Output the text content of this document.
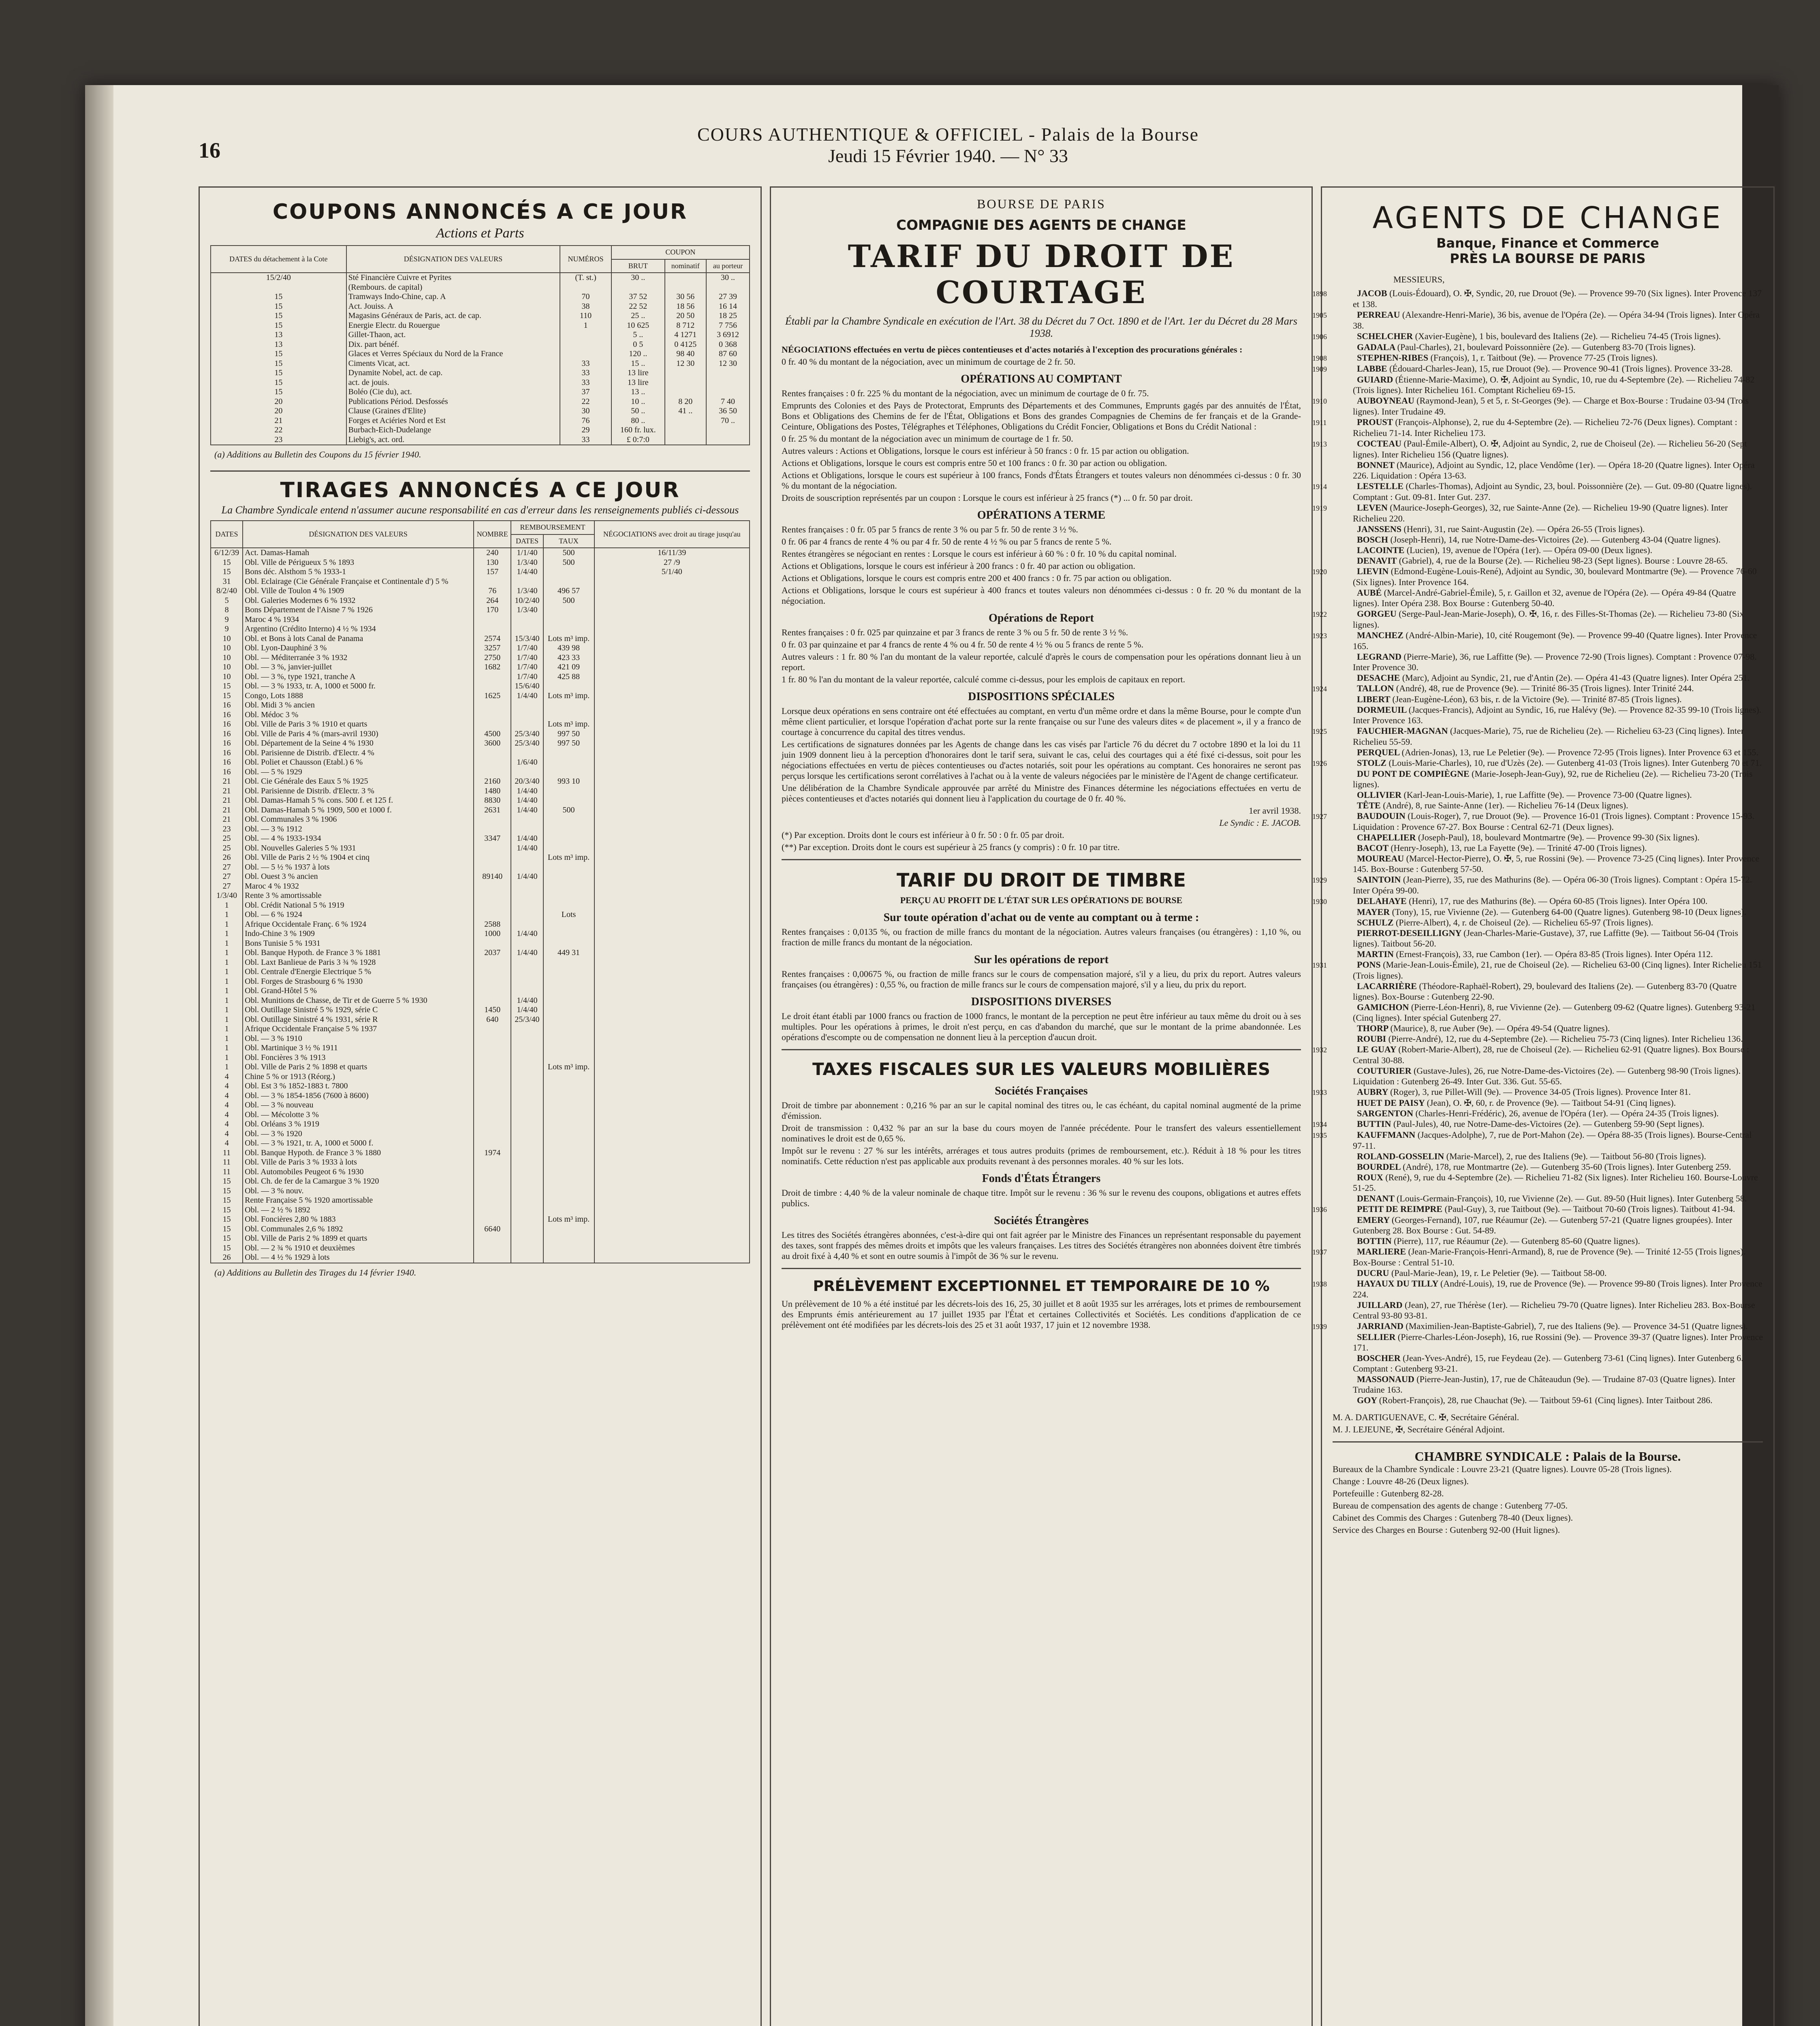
16
COURS AUTHENTIQUE & OFFICIEL - Palais de la Bourse
Jeudi 15 Février 1940. — N° 33
COUPONS ANNONCÉS A CE JOUR
Actions et Parts
DATES du détachement à la Cote	DÉSIGNATION DES VALEURS	NUMÉROS	COUPON		
			BRUT	nominatif	au porteur
15/2/40	Sté Financière Cuivre et Pyrites	(T. st.)	30 ..		30 ..
	(Rembours. de capital)				
15	Tramways Indo-Chine, cap. A	70	37 52	30 56	27 39
15	Act. Jouiss. A	38	22 52	18 56	16 14
15	Magasins Généraux de Paris, act. de cap.	110	25 ..	20 50	18 25
15	Energie Electr. du Rouergue	1	10 625	8 712	7 756
13	Gillet-Thaon, act.		5 ..	4 1271	3 6912
13	Dix. part bénéf.		0 5	0 4125	0 368
15	Glaces et Verres Spéciaux du Nord de la France		120 ..	98 40	87 60
15	Ciments Vicat, act.	33	15 ..	12 30	12 30
15	Dynamite Nobel, act. de cap.	33	13 lire		
15	act. de jouis.	33	13 lire		
15	Boléo (Cie du), act.	37	13 ..		
20	Publications Périod. Desfossés	22	10 ..	8 20	7 40
20	Clause (Graines d'Elite)	30	50 ..	41 ..	36 50
21	Forges et Aciéries Nord et Est	76	80 ..		70 ..
22	Burbach-Eich-Dudelange	29	160 fr. lux.		
23	Liebig's, act. ord.	33	£ 0:7:0		
(a) Additions au Bulletin des Coupons du 15 février 1940.
TIRAGES ANNONCÉS A CE JOUR
La Chambre Syndicale entend n'assumer aucune responsabilité en cas d'erreur dans les renseignements publiés ci-dessous
DATES	DÉSIGNATION DES VALEURS	NOMBRE	REMBOURSEMENT		NÉGOCIATIONS avec droit au tirage jusqu'au
			DATES	TAUX	
6/12/39	Act. Damas-Hamah	240	1/1/40	500	16/11/39
15	Obl. Ville de Périgueux 5 % 1893	130	1/3/40	500	27 /9
15	Bons déc. Alsthom 5 % 1933-1	157	1/4/40		5/1/40
31	Obl. Eclairage (Cie Générale Française et Continentale d') 5 %				
8/2/40	Obl. Ville de Toulon 4 % 1909	76	1/3/40	496 57	
5	Obl. Galeries Modernes 6 % 1932	264	10/2/40	500	
8	Bons Département de l'Aisne 7 % 1926	170	1/3/40		
9	Maroc 4 % 1934				
9	Argentino (Crédito Interno) 4 ½ % 1934				
10	Obl. et Bons à lots Canal de Panama	2574	15/3/40	Lots m³ imp.	
10	Obl. Lyon-Dauphiné 3 %	3257	1/7/40	439 98	
10	Obl. — Méditerranée 3 % 1932	2750	1/7/40	423 33	
10	Obl. — 3 %, janvier-juillet	1682	1/7/40	421 09	
10	Obl. — 3 %, type 1921, tranche A		1/7/40	425 88	
15	Obl. — 3 % 1933, tr. A, 1000 et 5000 fr.		15/6/40		
15	Congo, Lots 1888	1625	1/4/40	Lots m³ imp.	
16	Obl. Midi 3 % ancien				
16	Obl. Médoc 3 %				
16	Obl. Ville de Paris 3 % 1910 et quarts			Lots m³ imp.	
16	Obl. Ville de Paris 4 % (mars-avril 1930)	4500	25/3/40	997 50	
16	Obl. Département de la Seine 4 % 1930	3600	25/3/40	997 50	
16	Obl. Parisienne de Distrib. d'Electr. 4 %				
16	Obl. Poliet et Chausson (Etabl.) 6 %		1/6/40		
16	Obl. — 5 % 1929				
21	Obl. Cie Générale des Eaux 5 % 1925	2160	20/3/40	993 10	
21	Obl. Parisienne de Distrib. d'Electr. 3 %	1480	1/4/40		
21	Obl. Damas-Hamah 5 % cons. 500 f. et 125 f.	8830	1/4/40		
21	Obl. Damas-Hamah 5 % 1909, 500 et 1000 f.	2631	1/4/40	500	
21	Obl. Communales 3 % 1906				
23	Obl. — 3 % 1912				
25	Obl. — 4 % 1933-1934	3347	1/4/40		
25	Obl. Nouvelles Galeries 5 % 1931		1/4/40		
26	Obl. Ville de Paris 2 ½ % 1904 et cinq			Lots m³ imp.	
27	Obl. — 5 ½ % 1937 à lots				
27	Obl. Ouest 3 % ancien	89140	1/4/40		
27	Maroc 4 % 1932				
1/3/40	Rente 3 % amortissable				
1	Obl. Crédit National 5 % 1919				
1	Obl. — 6 % 1924			Lots	
1	Afrique Occidentale Franç. 6 % 1924	2588			
1	Indo-Chine 3 % 1909	1000	1/4/40		
1	Bons Tunisie 5 % 1931				
1	Obl. Banque Hypoth. de France 3 % 1881	2037	1/4/40	449 31	
1	Obl. Laxt Banlieue de Paris 3 ¾ % 1928				
1	Obl. Centrale d'Energie Electrique 5 %				
1	Obl. Forges de Strasbourg 6 % 1930				
1	Obl. Grand-Hôtel 5 %				
1	Obl. Munitions de Chasse, de Tir et de Guerre 5 % 1930		1/4/40		
1	Obl. Outillage Sinistré 5 % 1929, série C	1450	1/4/40		
1	Obl. Outillage Sinistré 4 % 1931, série R	640	25/3/40		
1	Afrique Occidentale Française 5 % 1937				
1	Obl. — 3 % 1910				
1	Obl. Martinique 3 ½ % 1911				
1	Obl. Foncières 3 % 1913				
1	Obl. Ville de Paris 2 % 1898 et quarts			Lots m³ imp.	
4	Chine 5 % or 1913 (Réorg.)				
4	Obl. Est 3 % 1852-1883 t. 7800				
4	Obl. — 3 % 1854-1856 (7600 à 8600)				
4	Obl. — 3 % nouveau				
4	Obl. — Mécolotte 3 %				
4	Obl. Orléans 3 % 1919				
4	Obl. — 3 % 1920				
4	Obl. — 3 % 1921, tr. A, 1000 et 5000 f.				
11	Obl. Banque Hypoth. de France 3 % 1880	1974			
11	Obl. Ville de Paris 3 % 1933 à lots				
11	Obl. Automobiles Peugeot 6 % 1930				
15	Obl. Ch. de fer de la Camargue 3 % 1920				
15	Obl. — 3 % nouv.				
15	Rente Française 5 % 1920 amortissable				
15	Obl. — 2 ½ % 1892				
15	Obl. Foncières 2,80 % 1883			Lots m³ imp.	
15	Obl. Communales 2,6 % 1892	6640			
15	Obl. Ville de Paris 2 % 1899 et quarts				
15	Obl. — 2 ¾ % 1910 et deuxièmes				
26	Obl. — 4 ½ % 1929 à lots				
(a) Additions au Bulletin des Tirages du 14 février 1940.
BOURSE DE PARIS
COMPAGNIE DES AGENTS DE CHANGE
TARIF DU DROIT DE COURTAGE
Établi par la Chambre Syndicale en exécution de l'Art. 38 du Décret du 7 Oct. 1890 et de l'Art. 1er du Décret du 28 Mars 1938.

NÉGOCIATIONS effectuées en vertu de pièces contentieuses et d'actes notariés à l'exception des procurations générales :

0 fr. 40 % du montant de la négociation, avec un minimum de courtage de 2 fr. 50.

OPÉRATIONS AU COMPTANT

Rentes françaises : 0 fr. 225 % du montant de la négociation, avec un minimum de courtage de 0 fr. 75.

Emprunts des Colonies et des Pays de Protectorat, Emprunts des Départements et des Communes, Emprunts gagés par des annuités de l'État, Bons et Obligations des Chemins de fer de l'État, Obligations et Bons des grandes Compagnies de Chemins de fer français et de la Grande-Ceinture, Obligations des Postes, Télégraphes et Téléphones, Obligations du Crédit Foncier, Obligations et Bons du Crédit National :

0 fr. 25 % du montant de la négociation avec un minimum de courtage de 1 fr. 50.

Autres valeurs : Actions et Obligations, lorsque le cours est inférieur à 50 francs : 0 fr. 15 par action ou obligation.

Actions et Obligations, lorsque le cours est compris entre 50 et 100 francs : 0 fr. 30 par action ou obligation.

Actions et Obligations, lorsque le cours est supérieur à 100 francs, Fonds d'États Étrangers et toutes valeurs non dénommées ci-dessus : 0 fr. 30 % du montant de la négociation.

Droits de souscription représentés par un coupon : Lorsque le cours est inférieur à 25 francs (*) ... 0 fr. 50 par droit.

OPÉRATIONS A TERME

Rentes françaises : 0 fr. 05 par 5 francs de rente 3 % ou par 5 fr. 50 de rente 3 ½ %.

0 fr. 06 par 4 francs de rente 4 % ou par 4 fr. 50 de rente 4 ½ % ou par 5 francs de rente 5 %.

Rentes étrangères se négociant en rentes : Lorsque le cours est inférieur à 60 % : 0 fr. 10 % du capital nominal.

Actions et Obligations, lorsque le cours est inférieur à 200 francs : 0 fr. 40 par action ou obligation.

Actions et Obligations, lorsque le cours est compris entre 200 et 400 francs : 0 fr. 75 par action ou obligation.

Actions et Obligations, lorsque le cours est supérieur à 400 francs et toutes valeurs non dénommées ci-dessus : 0 fr. 20 % du montant de la négociation.

Opérations de Report

Rentes françaises : 0 fr. 025 par quinzaine et par 3 francs de rente 3 % ou 5 fr. 50 de rente 3 ½ %.

0 fr. 03 par quinzaine et par 4 francs de rente 4 % ou 4 fr. 50 de rente 4 ½ % ou 5 francs de rente 5 %.

Autres valeurs : 1 fr. 80 % l'an du montant de la valeur reportée, calculé d'après le cours de compensation pour les opérations donnant lieu à un report.

1 fr. 80 % l'an du montant de la valeur reportée, calculé comme ci-dessus, pour les emplois de capitaux en report.

DISPOSITIONS SPÉCIALES

Lorsque deux opérations en sens contraire ont été effectuées au comptant, en vertu d'un même ordre et dans la même Bourse, pour le compte d'un même client particulier, et lorsque l'opération d'achat porte sur la rente française ou sur l'une des valeurs dites « de placement », il y a franco de courtage à concurrence du capital des titres vendus.

Les certifications de signatures données par les Agents de change dans les cas visés par l'article 76 du décret du 7 octobre 1890 et la loi du 11 juin 1909 donnent lieu à la perception d'honoraires dont le tarif sera, suivant le cas, celui des courtages qui a été fixé ci-dessus, soit pour les négociations effectuées en vertu de pièces contentieuses ou d'actes notariés, soit pour les opérations au comptant. Ces honoraires ne seront pas perçus lorsque les certifications seront corrélatives à l'achat ou à la vente de valeurs négociées par le ministère de l'Agent de change certificateur.

Une délibération de la Chambre Syndicale approuvée par arrêté du Ministre des Finances détermine les négociations effectuées en vertu de pièces contentieuses et d'actes notariés qui donnent lieu à l'application du courtage de 0 fr. 40 %.

1er avril 1938.

Le Syndic : E. JACOB.

(*) Par exception. Droits dont le cours est inférieur à 0 fr. 50 : 0 fr. 05 par droit.

(**) Par exception. Droits dont le cours est supérieur à 25 francs (y compris) : 0 fr. 10 par titre.

TARIF DU DROIT DE TIMBRE
PERÇU AU PROFIT DE L'ÉTAT SUR LES OPÉRATIONS DE BOURSE
Sur toute opération d'achat ou de vente au comptant ou à terme :

Rentes françaises : 0,0135 %, ou fraction de mille francs du montant de la négociation. Autres valeurs françaises (ou étrangères) : 1,10 %, ou fraction de mille francs du montant de la négociation.

Sur les opérations de report

Rentes françaises : 0,00675 %, ou fraction de mille francs sur le cours de compensation majoré, s'il y a lieu, du prix du report. Autres valeurs françaises (ou étrangères) : 0,55 %, ou fraction de mille francs sur le cours de compensation majoré, s'il y a lieu, du prix du report.

DISPOSITIONS DIVERSES

Le droit étant établi par 1000 francs ou fraction de 1000 francs, le montant de la perception ne peut être inférieur au taux même du droit ou à ses multiples. Pour les opérations à primes, le droit n'est perçu, en cas d'abandon du marché, que sur le montant de la prime abandonnée. Les opérations d'escompte ou de compensation ne donnent lieu à la perception d'aucun droit.

TAXES FISCALES SUR LES VALEURS MOBILIÈRES
Sociétés Françaises

Droit de timbre par abonnement : 0,216 % par an sur le capital nominal des titres ou, le cas échéant, du capital nominal augmenté de la prime d'émission.

Droit de transmission : 0,432 % par an sur la base du cours moyen de l'année précédente. Pour le transfert des valeurs essentiellement nominatives le droit est de 0,65 %.

Impôt sur le revenu : 27 % sur les intérêts, arrérages et tous autres produits (primes de remboursement, etc.). Réduit à 18 % pour les titres nominatifs. Cette réduction n'est pas applicable aux produits revenant à des personnes morales. 40 % sur les lots.

Fonds d'États Étrangers

Droit de timbre : 4,40 % de la valeur nominale de chaque titre. Impôt sur le revenu : 36 % sur le revenu des coupons, obligations et autres effets publics.

Sociétés Étrangères

Les titres des Sociétés étrangères abonnées, c'est-à-dire qui ont fait agréer par le Ministre des Finances un représentant responsable du payement des taxes, sont frappés des mêmes droits et impôts que les valeurs françaises. Les titres des Sociétés étrangères non abonnées doivent être timbrés au droit fixé à 4,40 % et sont en outre soumis à l'impôt de 36 % sur le revenu.

PRÉLÈVEMENT EXCEPTIONNEL ET TEMPORAIRE DE 10 %

Un prélèvement de 10 % a été institué par les décrets-lois des 16, 25, 30 juillet et 8 août 1935 sur les arrérages, lots et primes de remboursement des Emprunts émis antérieurement au 17 juillet 1935 par l'État et certaines Collectivités et Sociétés. Les conditions d'application de ce prélèvement ont été modifiées par les décrets-lois des 25 et 31 août 1937, 17 juin et 12 novembre 1938.

AGENTS DE CHANGE
Banque, Finance et Commerce
PRÈS LA BOURSE DE PARIS
MESSIEURS,

1898	JACOB (Louis-Édouard), O. ✠, Syndic, 20, rue Drouot (9e). — Provence 99-70 (Six lignes). Inter Provence 137 et 138.

1905	PERREAU (Alexandre-Henri-Marie), 36 bis, avenue de l'Opéra (2e). — Opéra 34-94 (Trois lignes). Inter Opéra 38.

1906	SCHELCHER (Xavier-Eugène), 1 bis, boulevard des Italiens (2e). — Richelieu 74-45 (Trois lignes).

GADALA (Paul-Charles), 21, boulevard Poissonnière (2e). — Gutenberg 83-70 (Trois lignes).

1908	STEPHEN-RIBES (François), 1, r. Taitbout (9e). — Provence 77-25 (Trois lignes).

1909	LABBE (Édouard-Charles-Jean), 15, rue Drouot (9e). — Provence 90-41 (Trois lignes). Provence 33-28.

GUIARD (Étienne-Marie-Maxime), O. ✠, Adjoint au Syndic, 10, rue du 4-Septembre (2e). — Richelieu 74-82 (Trois lignes). Inter Richelieu 161. Comptant Richelieu 69-15.

1910	AUBOYNEAU (Raymond-Jean), 5 et 5, r. St-Georges (9e). — Charge et Box-Bourse : Trudaine 03-94 (Trois lignes). Inter Trudaine 49.

1911	PROUST (François-Alphonse), 2, rue du 4-Septembre (2e). — Richelieu 72-76 (Deux lignes). Comptant : Richelieu 71-14. Inter Richelieu 173.

1913	COCTEAU (Paul-Émile-Albert), O. ✠, Adjoint au Syndic, 2, rue de Choiseul (2e). — Richelieu 56-20 (Sept lignes). Inter Richelieu 156 (Quatre lignes).

BONNET (Maurice), Adjoint au Syndic, 12, place Vendôme (1er). — Opéra 18-20 (Quatre lignes). Inter Opéra 226. Liquidation : Opéra 13-63.

1914	LESTELLE (Charles-Thomas), Adjoint au Syndic, 23, boul. Poissonnière (2e). — Gut. 09-80 (Quatre lignes). Comptant : Gut. 09-81. Inter Gut. 237.

1919	LEVEN (Maurice-Joseph-Georges), 32, rue Sainte-Anne (2e). — Richelieu 19-90 (Quatre lignes). Inter Richelieu 220.

JANSSENS (Henri), 31, rue Saint-Augustin (2e). — Opéra 26-55 (Trois lignes).

BOSCH (Joseph-Henri), 14, rue Notre-Dame-des-Victoires (2e). — Gutenberg 43-04 (Quatre lignes).

LACOINTE (Lucien), 19, avenue de l'Opéra (1er). — Opéra 09-00 (Deux lignes).

DENAVIT (Gabriel), 4, rue de la Bourse (2e). — Richelieu 98-23 (Sept lignes). Bourse : Louvre 28-65.

1920	LIEVIN (Edmond-Eugène-Louis-René), Adjoint au Syndic, 30, boulevard Montmartre (9e). — Provence 76-60 (Six lignes). Inter Provence 164.

AUBÉ (Marcel-André-Gabriel-Émile), 5, r. Gaillon et 32, avenue de l'Opéra (2e). — Opéra 49-84 (Quatre lignes). Inter Opéra 238. Box Bourse : Gutenberg 50-40.

1922	GORGEU (Serge-Paul-Jean-Marie-Joseph), O. ✠, 16, r. des Filles-St-Thomas (2e). — Richelieu 73-80 (Six lignes).

1923	MANCHEZ (André-Albin-Marie), 10, cité Rougemont (9e). — Provence 99-40 (Quatre lignes). Inter Provence 165.

LEGRAND (Pierre-Marie), 36, rue Laffitte (9e). — Provence 72-90 (Trois lignes). Comptant : Provence 07-98. Inter Provence 30.

DESACHE (Marc), Adjoint au Syndic, 21, rue d'Antin (2e). — Opéra 41-43 (Quatre lignes). Inter Opéra 251.

1924	TALLON (André), 48, rue de Provence (9e). — Trinité 86-35 (Trois lignes). Inter Trinité 244.

LIBERT (Jean-Eugène-Léon), 63 bis, r. de la Victoire (9e). — Trinité 87-85 (Trois lignes).

DORMEUIL (Jacques-Francis), Adjoint au Syndic, 16, rue Halévy (9e). — Provence 82-35 99-10 (Trois lignes). Inter Provence 163.

1925	FAUCHIER-MAGNAN (Jacques-Marie), 75, rue de Richelieu (2e). — Richelieu 63-23 (Cinq lignes). Inter Richelieu 55-59.

PERQUEL (Adrien-Jonas), 13, rue Le Peletier (9e). — Provence 72-95 (Trois lignes). Inter Provence 63 et 155.

1926	STOLZ (Louis-Marie-Charles), 10, rue d'Uzès (2e). — Gutenberg 41-03 (Trois lignes). Inter Gutenberg 70 et 71.

DU PONT DE COMPIÈGNE (Marie-Joseph-Jean-Guy), 92, rue de Richelieu (2e). — Richelieu 73-20 (Trois lignes).

OLLIVIER (Karl-Jean-Louis-Marie), 1, rue Laffitte (9e). — Provence 73-00 (Quatre lignes).

TÊTE (André), 8, rue Sainte-Anne (1er). — Richelieu 76-14 (Deux lignes).

1927	BAUDOUIN (Louis-Roger), 7, rue Drouot (9e). — Provence 16-01 (Trois lignes). Comptant : Provence 15-93. Liquidation : Provence 67-27. Box Bourse : Central 62-71 (Deux lignes).

CHAPELLIER (Joseph-Paul), 18, boulevard Montmartre (9e). — Provence 99-30 (Six lignes).

BACOT (Henry-Joseph), 13, rue La Fayette (9e). — Trinité 47-00 (Trois lignes).

MOUREAU (Marcel-Hector-Pierre), O. ✠, 5, rue Rossini (9e). — Provence 73-25 (Cinq lignes). Inter Provence 145. Box-Bourse : Gutenberg 57-50.

1929	SAINTOIN (Jean-Pierre), 35, rue des Mathurins (8e). — Opéra 06-30 (Trois lignes). Comptant : Opéra 15-72. Inter Opéra 99-00.

1930	DELAHAYE (Henri), 17, rue des Mathurins (8e). — Opéra 60-85 (Trois lignes). Inter Opéra 100.

MAYER (Tony), 15, rue Vivienne (2e). — Gutenberg 64-00 (Quatre lignes). Gutenberg 98-10 (Deux lignes).

SCHULZ (Pierre-Albert), 4, r. de Choiseul (2e). — Richelieu 65-97 (Trois lignes).

PIERROT-DESEILLIGNY (Jean-Charles-Marie-Gustave), 37, rue Laffitte (9e). — Taitbout 56-04 (Trois lignes). Taitbout 56-20.

MARTIN (Ernest-François), 33, rue Cambon (1er). — Opéra 83-85 (Trois lignes). Inter Opéra 112.

1931	PONS (Marie-Jean-Louis-Émile), 21, rue de Choiseul (2e). — Richelieu 63-00 (Cinq lignes). Inter Richelieu 151 (Trois lignes).

LACARRIÈRE (Théodore-Raphaël-Robert), 29, boulevard des Italiens (2e). — Gutenberg 83-70 (Quatre lignes). Box-Bourse : Gutenberg 22-90.

GAMICHON (Pierre-Léon-Henri), 8, rue Vivienne (2e). — Gutenberg 09-62 (Quatre lignes). Gutenberg 93-21 (Cinq lignes). Inter spécial Gutenberg 27.

THORP (Maurice), 8, rue Auber (9e). — Opéra 49-54 (Quatre lignes).

ROUBI (Pierre-André), 12, rue du 4-Septembre (2e). — Richelieu 75-73 (Cinq lignes). Inter Richelieu 136.

1932	LE GUAY (Robert-Marie-Albert), 28, rue de Choiseul (2e). — Richelieu 62-91 (Quatre lignes). Box Bourse : Central 30-88.

COUTURIER (Gustave-Jules), 26, rue Notre-Dame-des-Victoires (2e). — Gutenberg 98-90 (Trois lignes). Liquidation : Gutenberg 26-49. Inter Gut. 336. Gut. 55-65.

1933	AUBRY (Roger), 3, rue Pillet-Will (9e). — Provence 34-05 (Trois lignes). Provence Inter 81.

HUET DE PAISY (Jean), O. ✠, 60, r. de Provence (9e). — Taitbout 54-91 (Cinq lignes).

SARGENTON (Charles-Henri-Frédéric), 26, avenue de l'Opéra (1er). — Opéra 24-35 (Trois lignes).

1934	BUTTIN (Paul-Jules), 40, rue Notre-Dame-des-Victoires (2e). — Gutenberg 59-90 (Sept lignes).

1935	KAUFFMANN (Jacques-Adolphe), 7, rue de Port-Mahon (2e). — Opéra 88-35 (Trois lignes). Bourse-Central 97-11.

ROLAND-GOSSELIN (Marie-Marcel), 2, rue des Italiens (9e). — Taitbout 56-80 (Trois lignes).

BOURDEL (André), 178, rue Montmartre (2e). — Gutenberg 35-60 (Trois lignes). Inter Gutenberg 259.

ROUX (René), 9, rue du 4-Septembre (2e). — Richelieu 71-82 (Six lignes). Inter Richelieu 160. Bourse-Louvre 51-25.

DENANT (Louis-Germain-François), 10, rue Vivienne (2e). — Gut. 89-50 (Huit lignes). Inter Gutenberg 58.

1936	PETIT DE REIMPRE (Paul-Guy), 3, rue Taitbout (9e). — Taitbout 70-60 (Trois lignes). Taitbout 41-94.

EMERY (Georges-Fernand), 107, rue Réaumur (2e). — Gutenberg 57-21 (Quatre lignes groupées). Inter Gutenberg 28. Box Bourse : Gut. 54-89.

BOTTIN (Pierre), 117, rue Réaumur (2e). — Gutenberg 85-60 (Quatre lignes).

1937	MARLIERE (Jean-Marie-François-Henri-Armand), 8, rue de Provence (9e). — Trinité 12-55 (Trois lignes). Box-Bourse : Central 51-10.

DUCRU (Paul-Marie-Jean), 19, r. Le Peletier (9e). — Taitbout 58-00.

1938	HAYAUX DU TILLY (André-Louis), 19, rue de Provence (9e). — Provence 99-80 (Trois lignes). Inter Provence 224.

JUILLARD (Jean), 27, rue Thérèse (1er). — Richelieu 79-70 (Quatre lignes). Inter Richelieu 283. Box-Bourse Central 93-80 93-81.

1939	JARRIAND (Maximilien-Jean-Baptiste-Gabriel), 7, rue des Italiens (9e). — Provence 34-51 (Quatre lignes).

SELLIER (Pierre-Charles-Léon-Joseph), 16, rue Rossini (9e). — Provence 39-37 (Quatre lignes). Inter Provence 171.

BOSCHER (Jean-Yves-André), 15, rue Feydeau (2e). — Gutenberg 73-61 (Cinq lignes). Inter Gutenberg 6. Comptant : Gutenberg 93-21.

MASSONAUD (Pierre-Jean-Justin), 17, rue de Châteaudun (9e). — Trudaine 87-03 (Quatre lignes). Inter Trudaine 163.

GOY (Robert-François), 28, rue Chauchat (9e). — Taitbout 59-61 (Cinq lignes). Inter Taitbout 286.

M. A. DARTIGUENAVE, C. ✠, Secrétaire Général.

M. J. LEJEUNE, ✠, Secrétaire Général Adjoint.

CHAMBRE SYNDICALE : Palais de la Bourse.

Bureaux de la Chambre Syndicale : Louvre 23-21 (Quatre lignes). Louvre 05-28 (Trois lignes).

Change : Louvre 48-26 (Deux lignes).

Portefeuille : Gutenberg 82-28.

Bureau de compensation des agents de change : Gutenberg 77-05.

Cabinet des Commis des Charges : Gutenberg 78-40 (Deux lignes).

Service des Charges en Bourse : Gutenberg 92-00 (Huit lignes).
